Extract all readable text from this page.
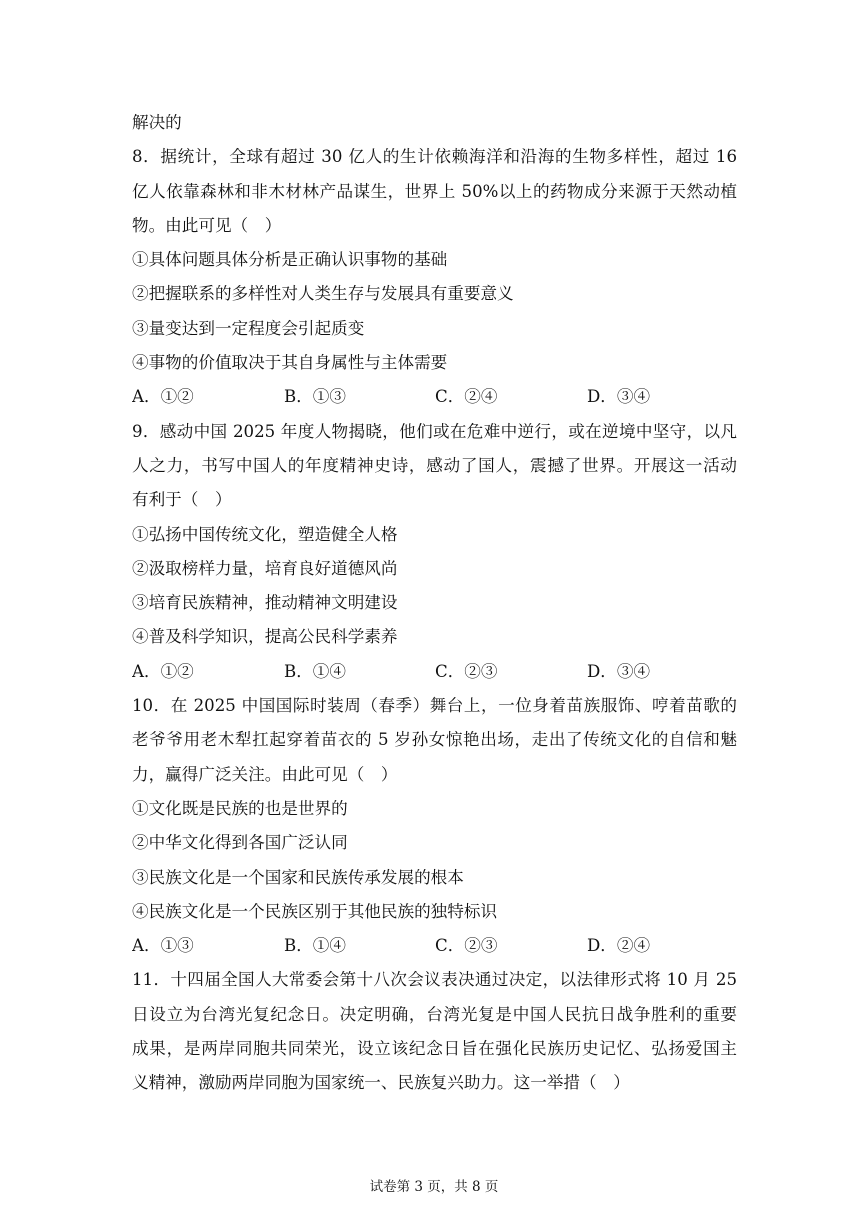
解决的
8．据统计，全球有超过 30 亿人的生计依赖海洋和沿海的生物多样性，超过 16
亿人依靠森林和非木材林产品谋生，世界上 50%以上的药物成分来源于天然动植
物。由此可见（　）
①具体问题具体分析是正确认识事物的基础
②把握联系的多样性对人类生存与发展具有重要意义
③量变达到一定程度会引起质变
④事物的价值取决于其自身属性与主体需要
A．①②	B．①③	C．②④	D．③④
9．感动中国 2025 年度人物揭晓，他们或在危难中逆行，或在逆境中坚守，以凡
人之力，书写中国人的年度精神史诗，感动了国人，震撼了世界。开展这一活动
有利于（　）
①弘扬中国传统文化，塑造健全人格
②汲取榜样力量，培育良好道德风尚
③培育民族精神，推动精神文明建设
④普及科学知识，提高公民科学素养
A．①②	B．①④	C．②③	D．③④
10．在 2025 中国国际时装周（春季）舞台上，一位身着苗族服饰、哼着苗歌的
老爷爷用老木犁扛起穿着苗衣的 5 岁孙女惊艳出场，走出了传统文化的自信和魅
力，赢得广泛关注。由此可见（　）
①文化既是民族的也是世界的
②中华文化得到各国广泛认同
③民族文化是一个国家和民族传承发展的根本
④民族文化是一个民族区别于其他民族的独特标识
A．①③	B．①④	C．②③	D．②④
11．十四届全国人大常委会第十八次会议表决通过决定，以法律形式将 10 月 25
日设立为台湾光复纪念日。决定明确，台湾光复是中国人民抗日战争胜利的重要
成果，是两岸同胞共同荣光，设立该纪念日旨在强化民族历史记忆、弘扬爱国主
义精神，激励两岸同胞为国家统一、民族复兴助力。这一举措（　）
试卷第 3 页，共 8 页
